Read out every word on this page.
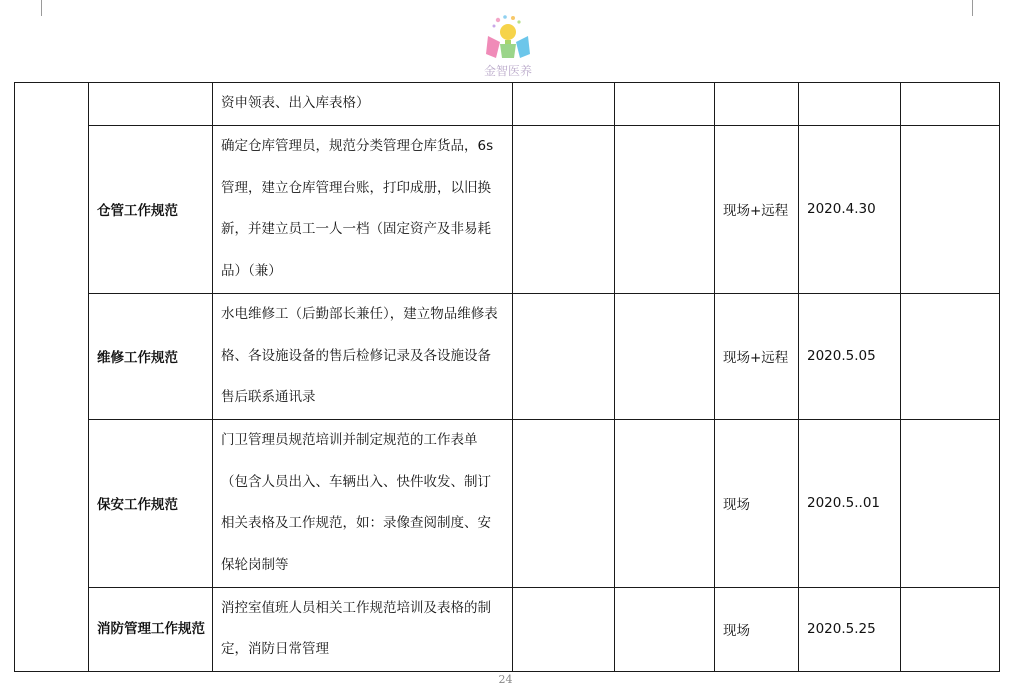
金智医养
		资申领表、出入库表格）					
	仓管工作规范	确定仓库管理员，规范分类管理仓库货品，6s管理，建立仓库管理台账，打印成册，以旧换新，并建立员工一人一档（固定资产及非易耗品）（兼）			现场+远程	2020.4.30	
	维修工作规范	水电维修工（后勤部长兼任），建立物品维修表格、各设施设备的售后检修记录及各设施设备售后联系通讯录			现场+远程	2020.5.05	
	保安工作规范	门卫管理员规范培训并制定规范的工作表单（包含人员出入、车辆出入、快件收发、制订相关表格及工作规范，如：录像查阅制度、安保轮岗制等			现场	2020.5..01	
	消防管理工作规范	消控室值班人员相关工作规范培训及表格的制定，消防日常管理			现场	2020.5.25	
24
